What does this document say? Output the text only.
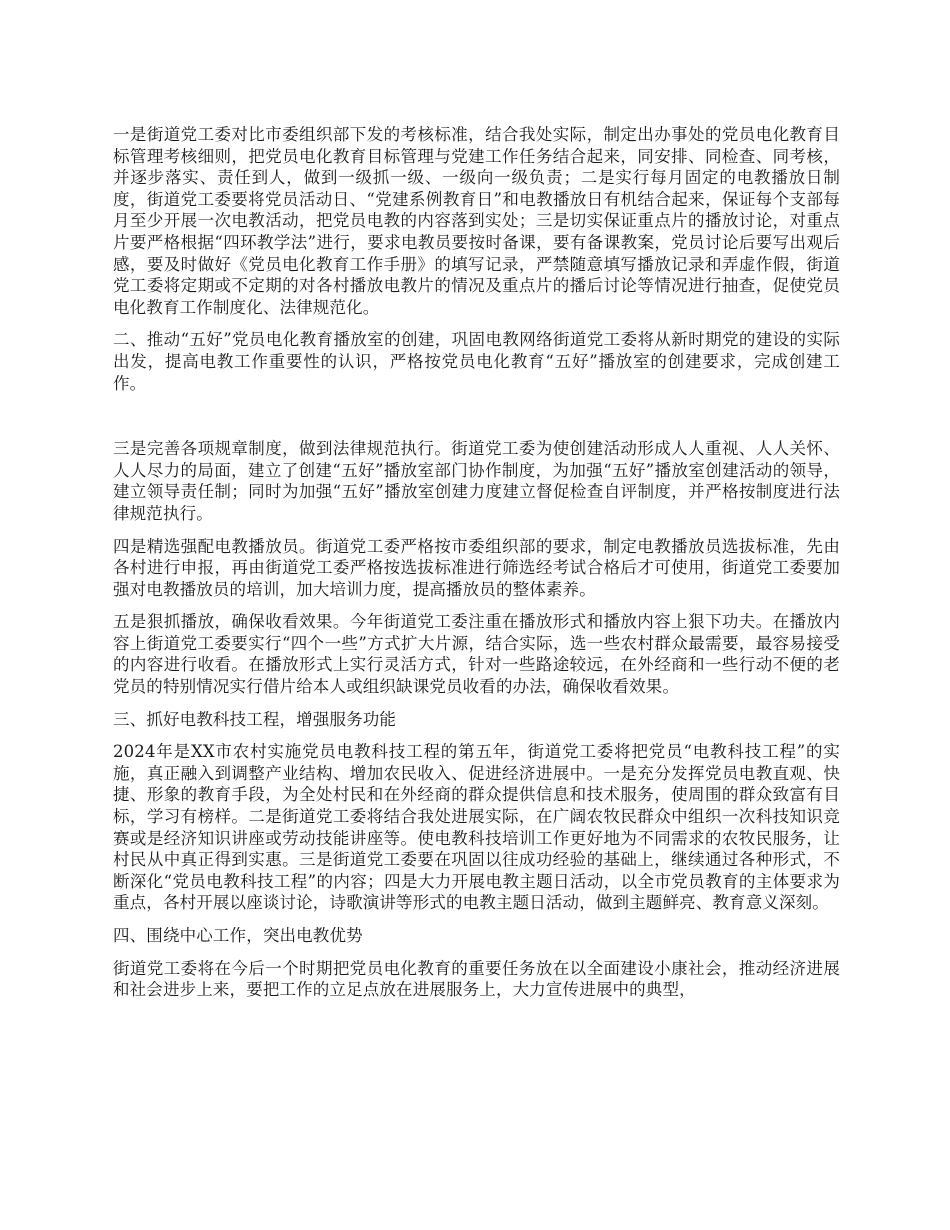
一是街道党工委对比市委组织部下发的考核标准，结合我处实际，制定出办事处的党员电化教育目标管理考核细则，把党员电化教育目标管理与党建工作任务结合起来，同安排、同检查、同考核，并逐步落实、责任到人，做到一级抓一级、一级向一级负责；二是实行每月固定的电教播放日制度，街道党工委要将党员活动日、“党建系例教育日”和电教播放日有机结合起来，保证每个支部每月至少开展一次电教活动，把党员电教的内容落到实处；三是切实保证重点片的播放讨论，对重点片要严格根据“四环教学法”进行，要求电教员要按时备课，要有备课教案，党员讨论后要写出观后感，要及时做好《党员电化教育工作手册》的填写记录，严禁随意填写播放记录和弄虚作假，街道党工委将定期或不定期的对各村播放电教片的情况及重点片的播后讨论等情况进行抽查，促使党员电化教育工作制度化、法律规范化。

二、推动“五好”党员电化教育播放室的创建，巩固电教网络街道党工委将从新时期党的建设的实际出发，提高电教工作重要性的认识，严格按党员电化教育“五好”播放室的创建要求，完成创建工作。

三是完善各项规章制度，做到法律规范执行。街道党工委为使创建活动形成人人重视、人人关怀、人人尽力的局面，建立了创建“五好”播放室部门协作制度，为加强“五好”播放室创建活动的领导，建立领导责任制；同时为加强“五好”播放室创建力度建立督促检查自评制度，并严格按制度进行法律规范执行。

四是精选强配电教播放员。街道党工委严格按市委组织部的要求，制定电教播放员选拔标准，先由各村进行申报，再由街道党工委严格按选拔标准进行筛选经考试合格后才可使用，街道党工委要加强对电教播放员的培训，加大培训力度，提高播放员的整体素养。

五是狠抓播放，确保收看效果。今年街道党工委注重在播放形式和播放内容上狠下功夫。在播放内容上街道党工委要实行“四个一些”方式扩大片源，结合实际，选一些农村群众最需要，最容易接受的内容进行收看。在播放形式上实行灵活方式，针对一些路途较远，在外经商和一些行动不便的老党员的特别情况实行借片给本人或组织缺课党员收看的办法，确保收看效果。

三、抓好电教科技工程，增强服务功能

2024年是XX市农村实施党员电教科技工程的第五年，街道党工委将把党员“电教科技工程”的实施，真正融入到调整产业结构、增加农民收入、促进经济进展中。一是充分发挥党员电教直观、快捷、形象的教育手段，为全处村民和在外经商的群众提供信息和技术服务，使周围的群众致富有目标，学习有榜样。二是街道党工委将结合我处进展实际，在广阔农牧民群众中组织一次科技知识竞赛或是经济知识讲座或劳动技能讲座等。使电教科技培训工作更好地为不同需求的农牧民服务，让村民从中真正得到实惠。三是街道党工委要在巩固以往成功经验的基础上，继续通过各种形式，不断深化“党员电教科技工程”的内容；四是大力开展电教主题日活动，以全市党员教育的主体要求为重点，各村开展以座谈讨论，诗歌演讲等形式的电教主题日活动，做到主题鲜亮、教育意义深刻。

四、围绕中心工作，突出电教优势

街道党工委将在今后一个时期把党员电化教育的重要任务放在以全面建设小康社会，推动经济进展和社会进步上来，要把工作的立足点放在进展服务上，大力宣传进展中的典型，
